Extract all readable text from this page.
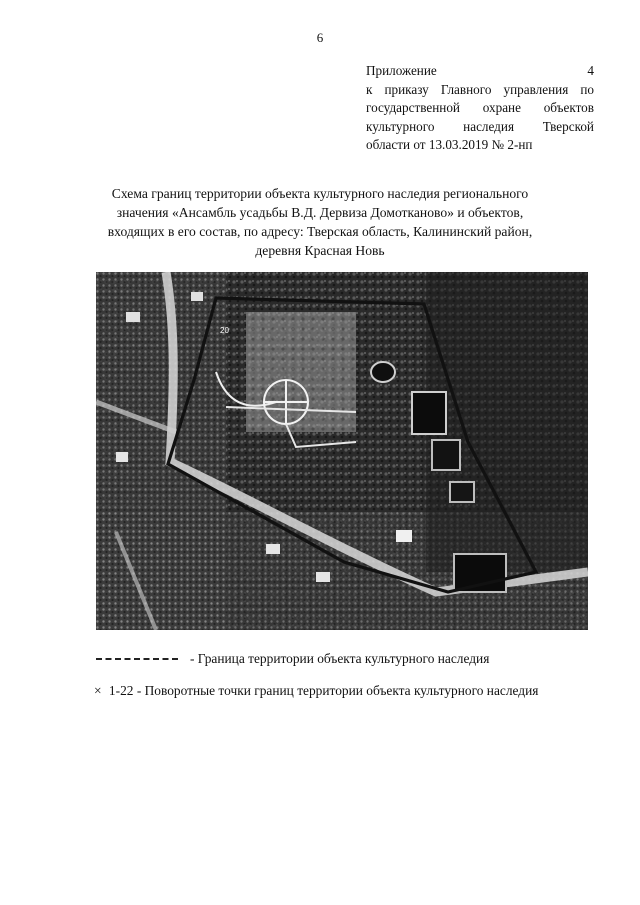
6
Приложение 4
к приказу Главного управления по
государственной охране объектов
культурного наследия Тверской
области от 13.03.2019 № 2-нп
Схема границ территории объекта культурного наследия регионального
значения «Ансамбль усадьбы В.Д. Дервиза Домотканово» и объектов,
входящих в его состав, по адресу: Тверская область, Калининский район,
деревня Красная Новь
20
- Граница территории объекта культурного наследия
× 1-22 - Поворотные точки границ территории объекта культурного наследия
